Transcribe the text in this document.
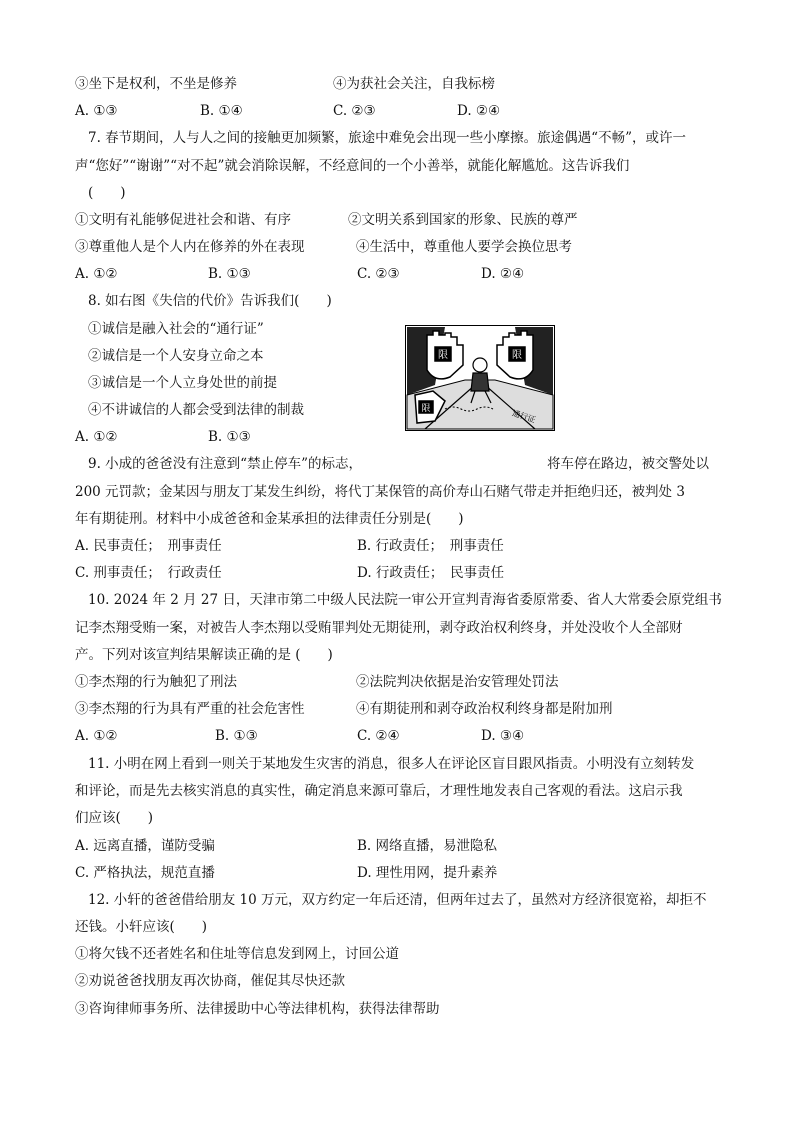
③坐下是权利，不坐是修养	④为获社会关注，自我标榜
A. ①③	B. ①④	C. ②③	D. ②④
7. 春节期间，人与人之间的接触更加频繁，旅途中难免会出现一些小摩擦。旅途偶遇“不畅”，或许一
声“您好”“谢谢”“对不起”就会消除误解，不经意间的一个小善举，就能化解尴尬。这告诉我们
(　　)
①文明有礼能够促进社会和谐、有序	②文明关系到国家的形象、民族的尊严
③尊重他人是个人内在修养的外在表现	④生活中，尊重他人要学会换位思考
A. ①②	B. ①③	C. ②③	D. ②④
8. 如右图《失信的代价》告诉我们(　　)
①诚信是融入社会的“通行证”
②诚信是一个人安身立命之本
③诚信是一个人立身处世的前提
④不讲诚信的人都会受到法律的制裁
A. ①②	B. ①③
限	限
限	通行证
9. 小成的爸爸没有注意到“禁止停车”的标志，	将车停在路边，被交警处以
200 元罚款；金某因与朋友丁某发生纠纷，将代丁某保管的高价寿山石赌气带走并拒绝归还，被判处 3
年有期徒刑。材料中小成爸爸和金某承担的法律责任分别是(　　)
A. 民事责任；　刑事责任	B. 行政责任；　刑事责任
C. 刑事责任；　行政责任	D. 行政责任；　民事责任
10. 2024 年 2 月 27 日，天津市第二中级人民法院一审公开宣判青海省委原常委、省人大常委会原党组书
记李杰翔受贿一案，对被告人李杰翔以受贿罪判处无期徒刑，剥夺政治权利终身，并处没收个人全部财
产。下列对该宣判结果解读正确的是 (　　)
①李杰翔的行为触犯了刑法	②法院判决依据是治安管理处罚法
③李杰翔的行为具有严重的社会危害性	④有期徒刑和剥夺政治权利终身都是附加刑
A. ①②	B. ①③	C. ②④	D. ③④
11. 小明在网上看到一则关于某地发生灾害的消息，很多人在评论区盲目跟风指责。小明没有立刻转发
和评论，而是先去核实消息的真实性，确定消息来源可靠后，才理性地发表自己客观的看法。这启示我
们应该(　　)
A. 远离直播，谨防受骗	B. 网络直播，易泄隐私
C. 严格执法，规范直播	D. 理性用网，提升素养
12. 小轩的爸爸借给朋友 10 万元，双方约定一年后还清，但两年过去了，虽然对方经济很宽裕，却拒不
还钱。小轩应该(　　)
①将欠钱不还者姓名和住址等信息发到网上，讨回公道
②劝说爸爸找朋友再次协商，催促其尽快还款
③咨询律师事务所、法律援助中心等法律机构，获得法律帮助
